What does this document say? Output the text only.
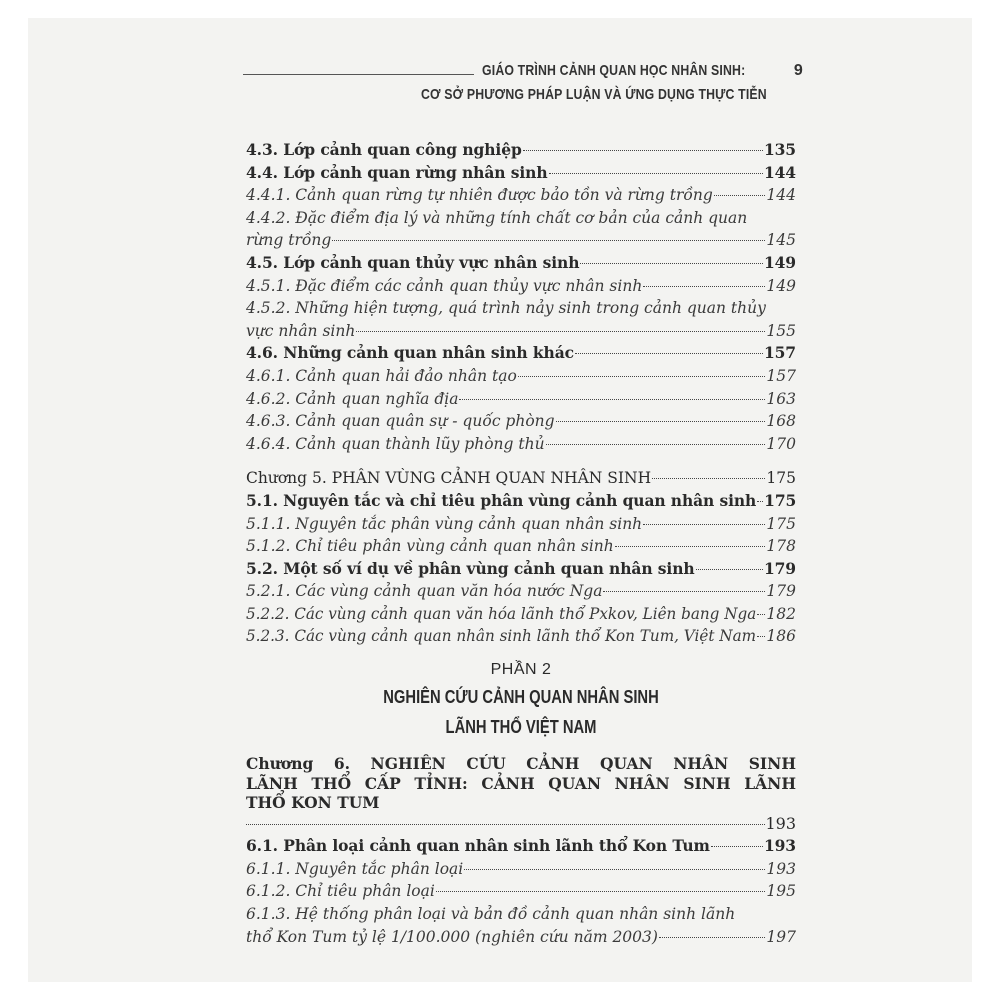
GIÁO TRÌNH CẢNH QUAN HỌC NHÂN SINH:	9
CƠ SỞ PHƯƠNG PHÁP LUẬN VÀ ỨNG DỤNG THỰC TIỄN
4.3. Lớp cảnh quan công nghiệp	135
4.4. Lớp cảnh quan rừng nhân sinh	144
4.4.1. Cảnh quan rừng tự nhiên được bảo tồn và rừng trồng	144
4.4.2. Đặc điểm địa lý và những tính chất cơ bản của cảnh quan
rừng trồng	145
4.5. Lớp cảnh quan thủy vực nhân sinh	149
4.5.1. Đặc điểm các cảnh quan thủy vực nhân sinh	149
4.5.2. Những hiện tượng, quá trình nảy sinh trong cảnh quan thủy
vực nhân sinh	155
4.6. Những cảnh quan nhân sinh khác	157
4.6.1. Cảnh quan hải đảo nhân tạo	157
4.6.2. Cảnh quan nghĩa địa	163
4.6.3. Cảnh quan quân sự - quốc phòng	168
4.6.4. Cảnh quan thành lũy phòng thủ	170
Chương 5. PHÂN VÙNG CẢNH QUAN NHÂN SINH	175
5.1. Nguyên tắc và chỉ tiêu phân vùng cảnh quan nhân sinh 175
5.1.1. Nguyên tắc phân vùng cảnh quan nhân sinh	175
5.1.2. Chỉ tiêu phân vùng cảnh quan nhân sinh	178
5.2. Một số ví dụ về phân vùng cảnh quan nhân sinh	179
5.2.1. Các vùng cảnh quan văn hóa nước Nga	179
5.2.2. Các vùng cảnh quan văn hóa lãnh thổ Pxkov, Liên bang Nga 182
5.2.3. Các vùng cảnh quan nhân sinh lãnh thổ Kon Tum, Việt Nam 186
PHẦN 2
NGHIÊN CỨU CẢNH QUAN NHÂN SINH
LÃNH THỔ VIỆT NAM
Chương 6. NGHIÊN CỨU CẢNH QUAN NHÂN SINH
LÃNH THỔ CẤP TỈNH: CẢNH QUAN NHÂN SINH LÃNH
THỔ KON TUM
193
6.1. Phân loại cảnh quan nhân sinh lãnh thổ Kon Tum	193
6.1.1. Nguyên tắc phân loại	193
6.1.2. Chỉ tiêu phân loại	195
6.1.3. Hệ thống phân loại và bản đồ cảnh quan nhân sinh lãnh
thổ Kon Tum tỷ lệ 1/100.000 (nghiên cứu năm 2003)	197
